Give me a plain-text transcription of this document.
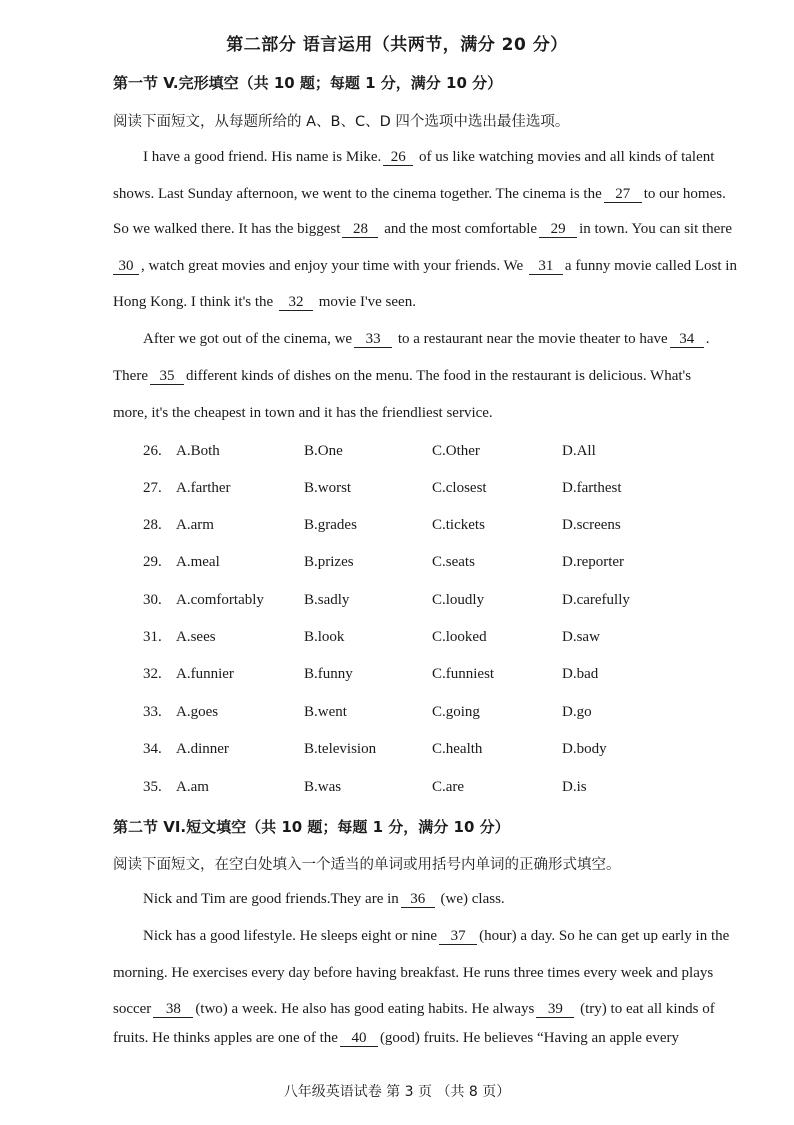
第二部分 语言运用（共两节，满分 20 分）
第一节 V.完形填空（共 10 题；每题 1 分，满分 10 分）
阅读下面短文，从每题所给的 A、B、C、D 四个选项中选出最佳选项。
I have a good friend. His name is Mike. 26 of us like watching movies and all kinds of talent
shows. Last Sunday afternoon, we went to the cinema together. The cinema is the 27 to our homes.
So we walked there. It has the biggest 28 and the most comfortable 29 in town. You can sit there
30 , watch great movies and enjoy your time with your friends. We 31 a funny movie called Lost in
Hong Kong. I think it's the 32 movie I've seen.
After we got out of the cinema, we 33 to a restaurant near the movie theater to have 34 .
There 35 different kinds of dishes on the menu. The food in the restaurant is delicious. What's
more, it's the cheapest in town and it has the friendliest service.
26. A.Both	B.One	C.Other	D.All
27. A.farther	B.worst	C.closest	D.farthest
28. A.arm	B.grades	C.tickets	D.screens
29. A.meal	B.prizes	C.seats	D.reporter
30. A.comfortably	B.sadly	C.loudly	D.carefully
31. A.sees	B.look	C.looked	D.saw
32. A.funnier	B.funny	C.funniest	D.bad
33. A.goes	B.went	C.going	D.go
34. A.dinner	B.television	C.health	D.body
35. A.am	B.was	C.are	D.is
第二节 VI.短文填空（共 10 题；每题 1 分，满分 10 分）
阅读下面短文，在空白处填入一个适当的单词或用括号内单词的正确形式填空。
Nick and Tim are good friends.They are in 36 (we) class.
Nick has a good lifestyle. He sleeps eight or nine 37 (hour) a day. So he can get up early in the
morning. He exercises every day before having breakfast. He runs three times every week and plays
soccer 38 (two) a week. He also has good eating habits. He always 39 (try) to eat all kinds of
fruits. He thinks apples are one of the 40 (good) fruits. He believes “Having an apple every
八年级英语试卷 第 3 页 （共 8 页）
